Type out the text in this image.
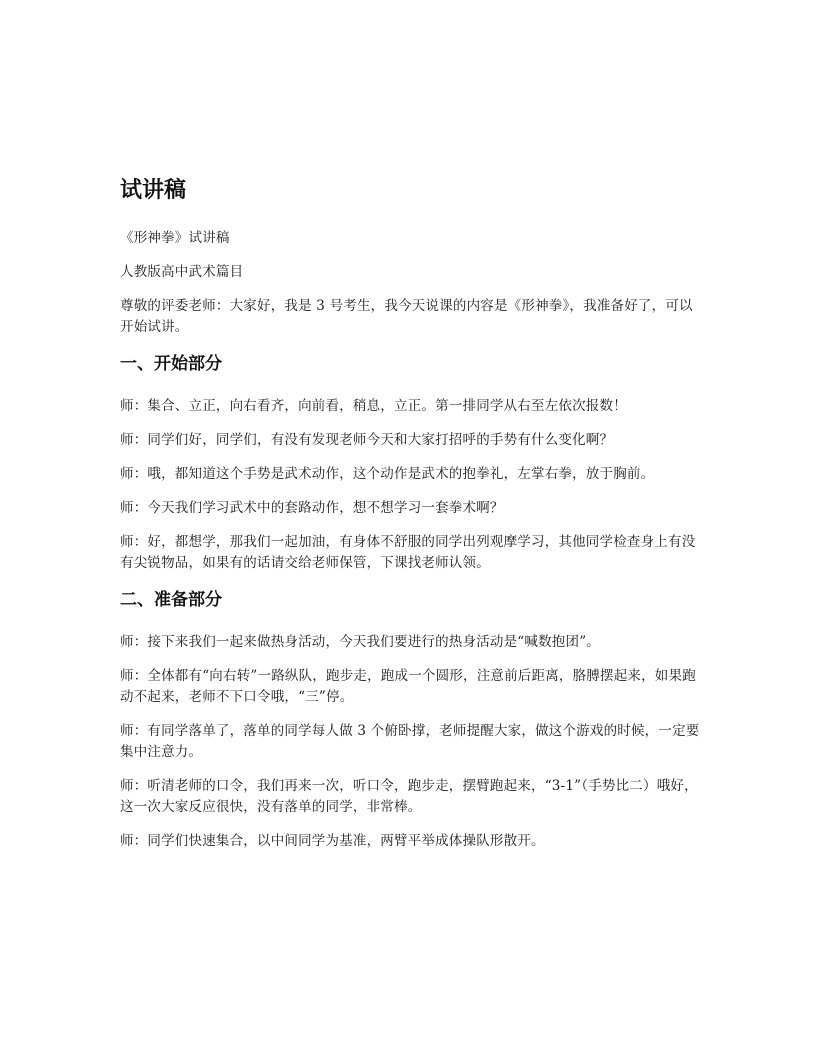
试讲稿

《形神拳》试讲稿

人教版高中武术篇目

尊敬的评委老师：大家好，我是 3 号考生，我今天说课的内容是《形神拳》，我准备好了，可以开始试讲。

一、开始部分

师：集合、立正，向右看齐，向前看，稍息，立正。第一排同学从右至左依次报数！

师：同学们好，同学们，有没有发现老师今天和大家打招呼的手势有什么变化啊？

师：哦，都知道这个手势是武术动作，这个动作是武术的抱拳礼，左掌右拳，放于胸前。

师：今天我们学习武术中的套路动作，想不想学习一套拳术啊？

师：好，都想学，那我们一起加油，有身体不舒服的同学出列观摩学习，其他同学检查身上有没有尖锐物品，如果有的话请交给老师保管，下课找老师认领。

二、准备部分

师：接下来我们一起来做热身活动，今天我们要进行的热身活动是“喊数抱团”。

师：全体都有“向右转”一路纵队，跑步走，跑成一个圆形，注意前后距离，胳膊摆起来，如果跑动不起来，老师不下口令哦，“三”停。

师：有同学落单了，落单的同学每人做 3 个俯卧撑，老师提醒大家，做这个游戏的时候，一定要集中注意力。

师：听清老师的口令，我们再来一次，听口令，跑步走，摆臂跑起来，“3-1”（手势比二）哦好，这一次大家反应很快，没有落单的同学，非常棒。

师：同学们快速集合，以中间同学为基准，两臂平举成体操队形散开。
